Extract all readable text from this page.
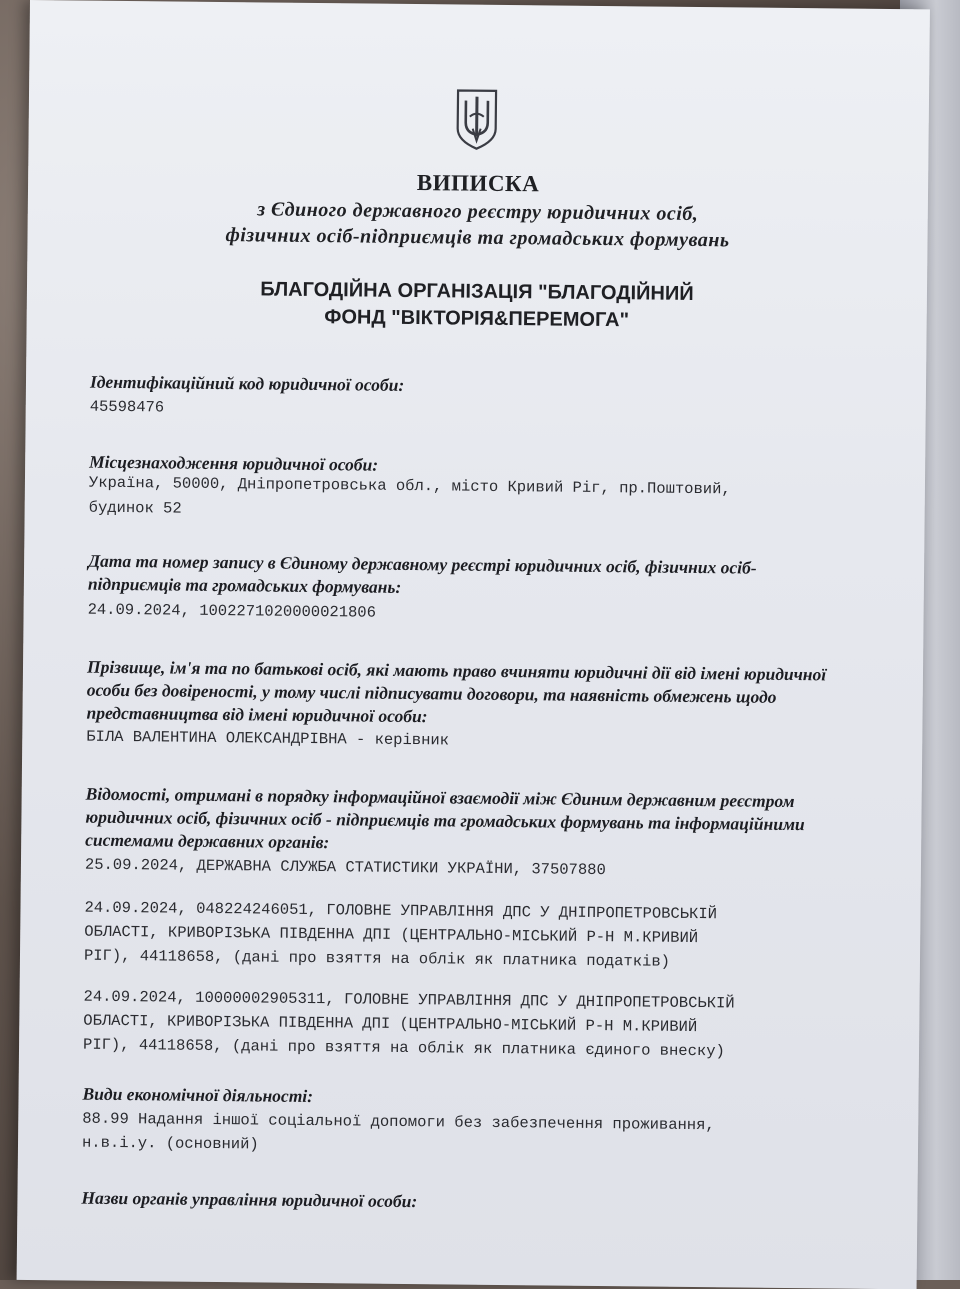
ВИПИСКА
з Єдиного державного реєстру юридичних осіб,
фізичних осіб-підприємців та громадських формувань
БЛАГОДІЙНА ОРГАНІЗАЦІЯ "БЛАГОДІЙНИЙ
ФОНД "ВІКТОРІЯ&ПЕРЕМОГА"
Ідентифікаційний код юридичної особи:
45598476
Місцезнаходження юридичної особи:
Україна, 50000, Дніпропетровська обл., місто Кривий Ріг, пр.Поштовий,
будинок 52
Дата та номер запису в Єдиному державному реєстрі юридичних осіб, фізичних осіб-
підприємців та громадських формувань:
24.09.2024, 1002271020000021806
Прізвище, ім'я та по батькові осіб, які мають право вчиняти юридичні дії від імені юридичної
особи без довіреності, у тому числі підписувати договори, та наявність обмежень щодо
представництва від імені юридичної особи:
БІЛА ВАЛЕНТИНА ОЛЕКСАНДРІВНА - керівник
Відомості, отримані в порядку інформаційної взаємодії між Єдиним державним реєстром
юридичних осіб, фізичних осіб - підприємців та громадських формувань та інформаційними
системами державних органів:
25.09.2024, ДЕРЖАВНА СЛУЖБА СТАТИСТИКИ УКРАЇНИ, 37507880
24.09.2024, 048224246051, ГОЛОВНЕ УПРАВЛІННЯ ДПС У ДНІПРОПЕТРОВСЬКІЙ
ОБЛАСТІ, КРИВОРІЗЬКА ПІВДЕННА ДПІ (ЦЕНТРАЛЬНО-МІСЬКИЙ Р-Н М.КРИВИЙ
РІГ), 44118658, (дані про взяття на облік як платника податків)
24.09.2024, 10000002905311, ГОЛОВНЕ УПРАВЛІННЯ ДПС У ДНІПРОПЕТРОВСЬКІЙ
ОБЛАСТІ, КРИВОРІЗЬКА ПІВДЕННА ДПІ (ЦЕНТРАЛЬНО-МІСЬКИЙ Р-Н М.КРИВИЙ
РІГ), 44118658, (дані про взяття на облік як платника єдиного внеску)
Види економічної діяльності:
88.99 Надання іншої соціальної допомоги без забезпечення проживання,
н.в.і.у. (основний)
Назви органів управління юридичної особи:
